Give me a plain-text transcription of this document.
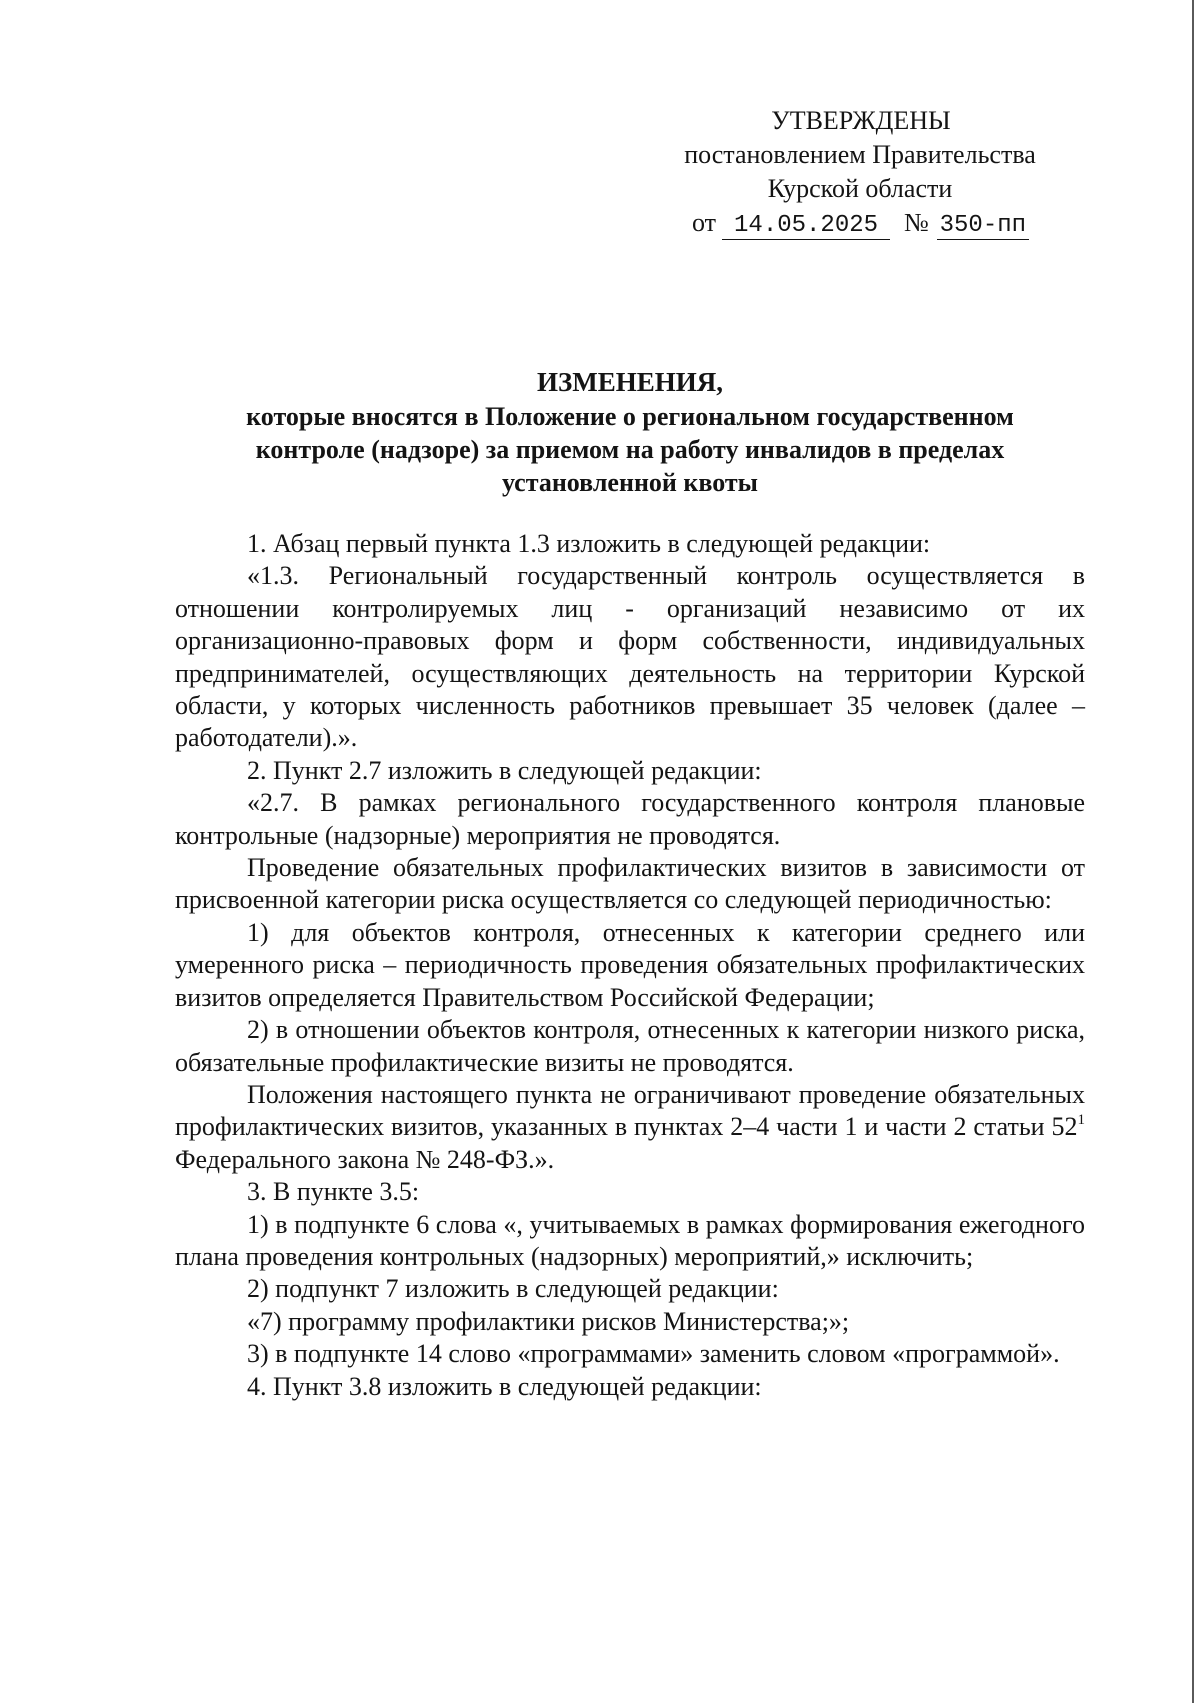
УТВЕРЖДЕНЫ
постановлением Правительства
Курской области
от 14.05.2025 № 350-пп
ИЗМЕНЕНИЯ,
которые вносятся в Положение о региональном государственном
контроле (надзоре) за приемом на работу инвалидов в пределах
установленной квоты

1. Абзац первый пункта 1.3 изложить в следующей редакции:

«1.3. Региональный государственный контроль осуществляется в отношении контролируемых лиц - организаций независимо от их организационно-правовых форм и форм собственности, индивидуальных предпринимателей, осуществляющих деятельность на территории Курской области, у которых численность работников превышает 35 человек (далее – работодатели).».

2. Пункт 2.7 изложить в следующей редакции:

«2.7. В рамках регионального государственного контроля плановые контрольные (надзорные) мероприятия не проводятся.

Проведение обязательных профилактических визитов в зависимости от присвоенной категории риска осуществляется со следующей периодичностью:

1) для объектов контроля, отнесенных к категории среднего или умеренного риска – периодичность проведения обязательных профилактических визитов определяется Правительством Российской Федерации;

2) в отношении объектов контроля, отнесенных к категории низкого риска, обязательные профилактические визиты не проводятся.

Положения настоящего пункта не ограничивают проведение обязательных профилактических визитов, указанных в пунктах 2–4 части 1 и части 2 статьи $52^1$ Федерального закона № 248-ФЗ.».

3. В пункте 3.5:

1) в подпункте 6 слова «, учитываемых в рамках формирования ежегодного плана проведения контрольных (надзорных) мероприятий,» исключить;

2) подпункт 7 изложить в следующей редакции:

«7) программу профилактики рисков Министерства;»;

3) в подпункте 14 слово «программами» заменить словом «программой».

4. Пункт 3.8 изложить в следующей редакции:
